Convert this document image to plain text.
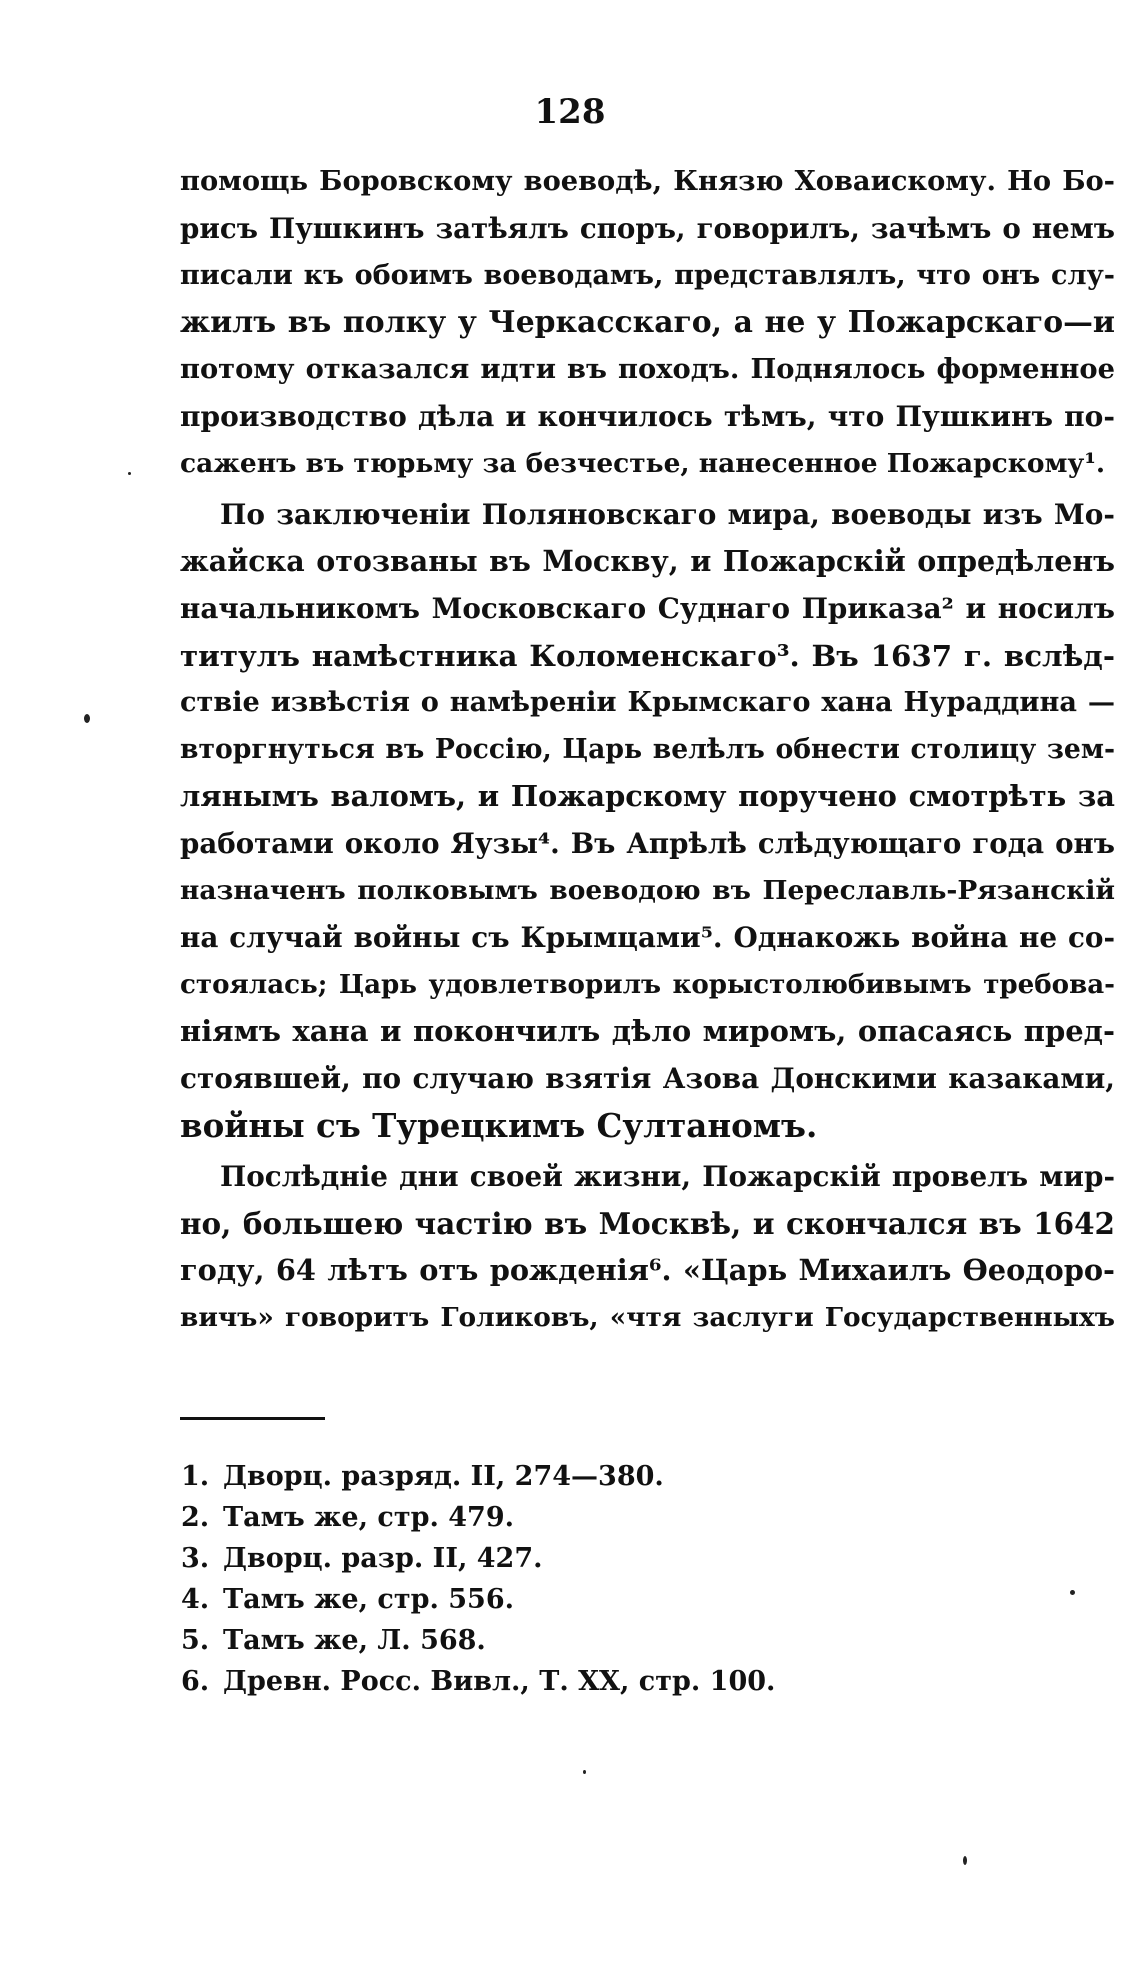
128
помощь Боровскому воеводѣ, Князю Ховаискому. Но Бо-
рисъ Пушкинъ затѣялъ споръ, говорилъ, зачѣмъ о немъ
писали къ обоимъ воеводамъ, представлялъ, что онъ слу-
жилъ въ полку у Черкасскаго, а не у Пожарскаго—и
потому отказался идти въ походъ. Поднялось форменное
производство дѣла и кончилось тѣмъ, что Пушкинъ по-
саженъ въ тюрьму за безчестье, нанесенное Пожарскому¹.
По заключеніи Поляновскаго мира, воеводы изъ Мо-
жайска отозваны въ Москву, и Пожарскій опредѣленъ
начальникомъ Московскаго Суднаго Приказа² и носилъ
титулъ намѣстника Коломенскаго³. Въ 1637 г. вслѣд-
ствіе извѣстія о намѣреніи Крымскаго хана Нураддина —
вторгнуться въ Россію, Царь велѣлъ обнести столицу зем-
лянымъ валомъ, и Пожарскому поручено смотрѣть за
работами около Яузы⁴. Въ Апрѣлѣ слѣдующаго года онъ
назначенъ полковымъ воеводою въ Переславль-Рязанскій
на случай войны съ Крымцами⁵. Однакожь война не со-
стоялась; Царь удовлетворилъ корыстолюбивымъ требова-
ніямъ хана и покончилъ дѣло миромъ, опасаясь пред-
стоявшей, по случаю взятія Азова Донскими казаками,
войны съ Турецкимъ Султаномъ.
Послѣдніе дни своей жизни, Пожарскій провелъ мир-
но, большею частію въ Москвѣ, и скончался въ 1642
году, 64 лѣтъ отъ рожденія⁶. «Царь Михаилъ Ѳеодоро-
вичъ» говоритъ Голиковъ, «чтя заслуги Государственныхъ
1. Дворц. разряд. II, 274—380.
2. Тамъ же, стр. 479.
3. Дворц. разр. II, 427.
4. Тамъ же, стр. 556.
5. Тамъ же, Л. 568.
6. Древн. Росс. Вивл., Т. XX, стр. 100.
